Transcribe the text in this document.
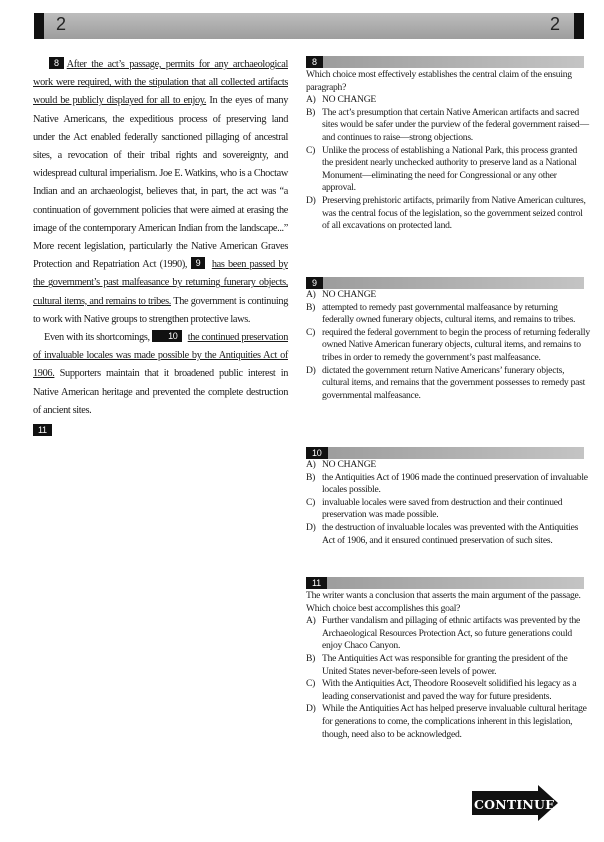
2	2

8 After the act’s passage, permits for any archaeological work were required, with the stipulation that all collected artifacts would be publicly displayed for all to enjoy. In the eyes of many Native Americans, the expeditious process of preserving land under the Act enabled federally sanctioned pillaging of ancestral sites, a revocation of their tribal rights and sovereignty, and widespread cultural imperialism. Joe E. Watkins, who is a Choctaw Indian and an archaeologist, believes that, in part, the act was “a continuation of government policies that were aimed at erasing the image of the contemporary American Indian from the landscape...” More recent legislation, particularly the Native American Graves Protection and Repatriation Act (1990), 9 has been passed by the government’s past malfeasance by returning funerary objects, cultural items, and remains to tribes. The government is continuing to work with Native groups to strengthen protective laws.

Even with its shortcomings, 10 the continued preservation of invaluable locales was made possible by the Antiquities Act of 1906. Supporters maintain that it broadened public interest in Native American heritage and prevented the complete destruction of ancient sites.

11

8
Which choice most effectively establishes the central claim of the ensuing paragraph?
A) NO CHANGE
B) The act’s presumption that certain Native American artifacts and sacred sites would be safer under the purview of the federal government raised—and continues to raise—strong objections.
C) Unlike the process of establishing a National Park, this process granted the president nearly unchecked authority to preserve land as a National Monument—eliminating the need for Congressional or any other approval.
D) Preserving prehistoric artifacts, primarily from Native American cultures, was the central focus of the legislation, so the government seized control of all excavations on protected land.
9
A) NO CHANGE
B) attempted to remedy past governmental malfeasance by returning federally owned funerary objects, cultural items, and remains to tribes.
C) required the federal government to begin the process of returning federally owned Native American funerary objects, cultural items, and remains to tribes in order to remedy the government’s past malfeasance.
D) dictated the government return Native Americans’ funerary objects, cultural items, and remains that the government possesses to remedy past governmental malfeasance.
10
A) NO CHANGE
B) the Antiquities Act of 1906 made the continued preservation of invaluable locales possible.
C) invaluable locales were saved from destruction and their continued preservation was made possible.
D) the destruction of invaluable locales was prevented with the Antiquities Act of 1906, and it ensured continued preservation of such sites.
11
The writer wants a conclusion that asserts the main argument of the passage. Which choice best accomplishes this goal?
A) Further vandalism and pillaging of ethnic artifacts was prevented by the Archaeological Resources Protection Act, so future generations could enjoy Chaco Canyon.
B) The Antiquities Act was responsible for granting the president of the United States never-before-seen levels of power.
C) With the Antiquities Act, Theodore Roosevelt solidified his legacy as a leading conservationist and paved the way for future presidents.
D) While the Antiquities Act has helped preserve invaluable cultural heritage for generations to come, the complications inherent in this legislation, though, need also to be acknowledged.
CONTINUE
